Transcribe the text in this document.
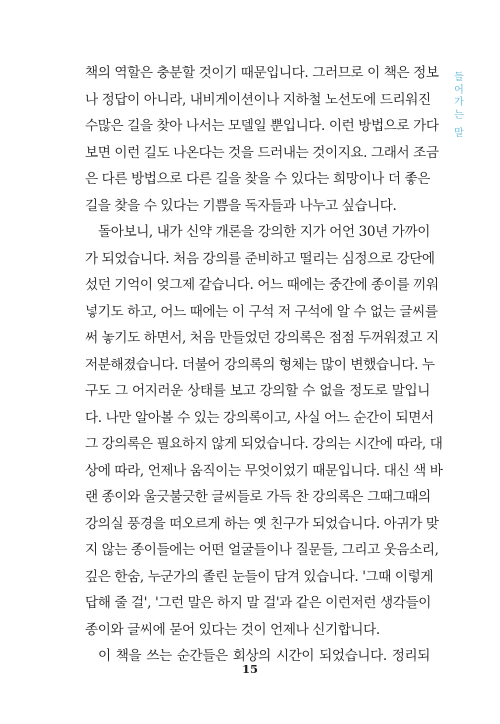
들
어
가
는
말
책의 역할은 충분할 것이기 때문입니다. 그러므로 이 책은 정보
나 정답이 아니라, 내비게이션이나 지하철 노선도에 드리워진
수많은 길을 찾아 나서는 모델일 뿐입니다. 이런 방법으로 가다
보면 이런 길도 나온다는 것을 드러내는 것이지요. 그래서 조금
은 다른 방법으로 다른 길을 찾을 수 있다는 희망이나 더 좋은
길을 찾을 수 있다는 기쁨을 독자들과 나누고 싶습니다.
돌아보니, 내가 신약 개론을 강의한 지가 어언 30년 가까이
가 되었습니다. 처음 강의를 준비하고 떨리는 심정으로 강단에
섰던 기억이 엊그제 같습니다. 어느 때에는 중간에 종이를 끼워
넣기도 하고, 어느 때에는 이 구석 저 구석에 알 수 없는 글씨를
써 놓기도 하면서, 처음 만들었던 강의록은 점점 두꺼워졌고 지
저분해졌습니다. 더불어 강의록의 형체는 많이 변했습니다. 누
구도 그 어지러운 상태를 보고 강의할 수 없을 정도로 말입니
다. 나만 알아볼 수 있는 강의록이고, 사실 어느 순간이 되면서
그 강의록은 필요하지 않게 되었습니다. 강의는 시간에 따라, 대
상에 따라, 언제나 움직이는 무엇이었기 때문입니다. 대신 색 바
랜 종이와 울긋불긋한 글씨들로 가득 찬 강의록은 그때그때의
강의실 풍경을 떠오르게 하는 옛 친구가 되었습니다. 아귀가 맞
지 않는 종이들에는 어떤 얼굴들이나 질문들, 그리고 웃음소리,
깊은 한숨, 누군가의 졸린 눈들이 담겨 있습니다. '그때 이렇게
답해 줄 걸', '그런 말은 하지 말 걸'과 같은 이런저런 생각들이
종이와 글씨에 묻어 있다는 것이 언제나 신기합니다.
이 책을 쓰는 순간들은 회상의 시간이 되었습니다. 정리되
15
